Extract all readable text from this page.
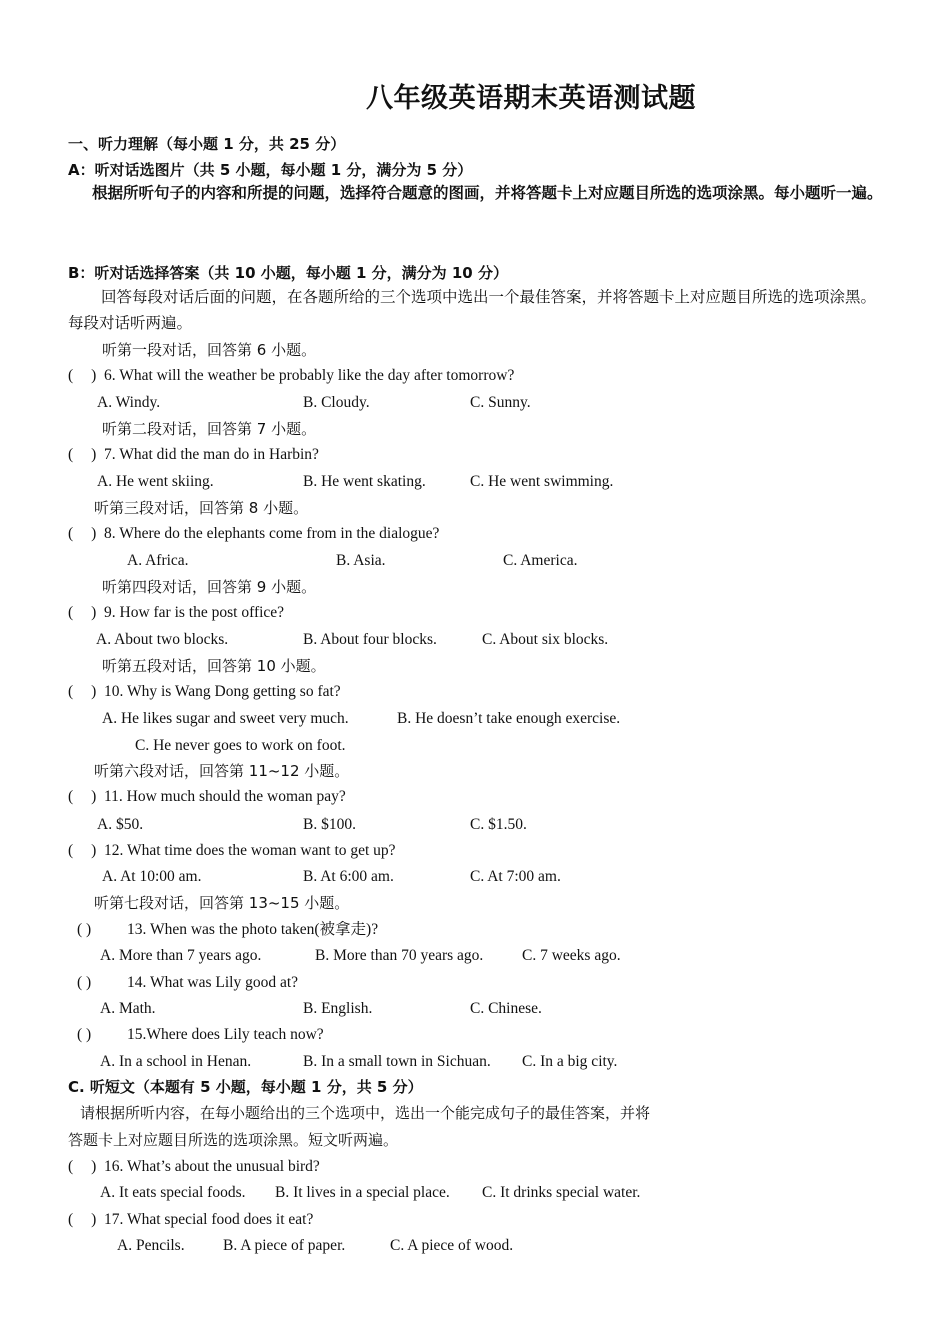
八年级英语期末英语测试题
一、听力理解（每小题 1 分，共 25 分）
A：听对话选图片（共 5 小题，每小题 1 分，满分为 5 分）
根据所听句子的内容和所提的问题，选择符合题意的图画，并将答题卡上对应题目所选的选项涂黑。每小题听一遍。
B：听对话选择答案（共 10 小题，每小题 1 分，满分为 10 分）
回答每段对话后面的问题，在各题所给的三个选项中选出一个最佳答案，并将答题卡上对应题目所选的选项涂黑。每段对话听两遍。
听第一段对话，回答第 6 小题。
( ) 6. What will the weather be probably like the day after tomorrow?
A. Windy.	B. Cloudy.	C. Sunny.
听第二段对话，回答第 7 小题。
( ) 7. What did the man do in Harbin?
A. He went skiing.	B. He went skating.	C. He went swimming.
听第三段对话，回答第 8 小题。
( ) 8. Where do the elephants come from in the dialogue?
A. Africa.	B. Asia.	C. America.
听第四段对话，回答第 9 小题。
( ) 9. How far is the post office?
A. About two blocks.	B. About four blocks.	C. About six blocks.
听第五段对话，回答第 10 小题。
( ) 10. Why is Wang Dong getting so fat?
A. He likes sugar and sweet very much.	B. He doesn’t take enough exercise.
C. He never goes to work on foot.
听第六段对话，回答第 11~12 小题。
( ) 11. How much should the woman pay?
A. $50.	B. $100.	C. $1.50.
( ) 12. What time does the woman want to get up?
A. At 10:00 am.	B. At 6:00 am.	C. At 7:00 am.
听第七段对话，回答第 13~15 小题。
( ) 13. When was the photo taken(被拿走)?
A. More than 7 years ago.	B. More than 70 years ago. C. 7 weeks ago.
( ) 14. What was Lily good at?
A. Math.	B. English.	C. Chinese.
( ) 15.Where does Lily teach now?
A. In a school in Henan.	B. In a small town in Sichuan. C. In a big city.
C. 听短文（本题有 5 小题，每小题 1 分，共 5 分）
请根据所听内容，在每小题给出的三个选项中，选出一个能完成句子的最佳答案，并将
答题卡上对应题目所选的选项涂黑。短文听两遍。
( ) 16. What’s about the unusual bird?
A. It eats special foods. B. It lives in a special place. C. It drinks special water.
( ) 17. What special food does it eat?
A. Pencils. B. A piece of paper.	C. A piece of wood.
